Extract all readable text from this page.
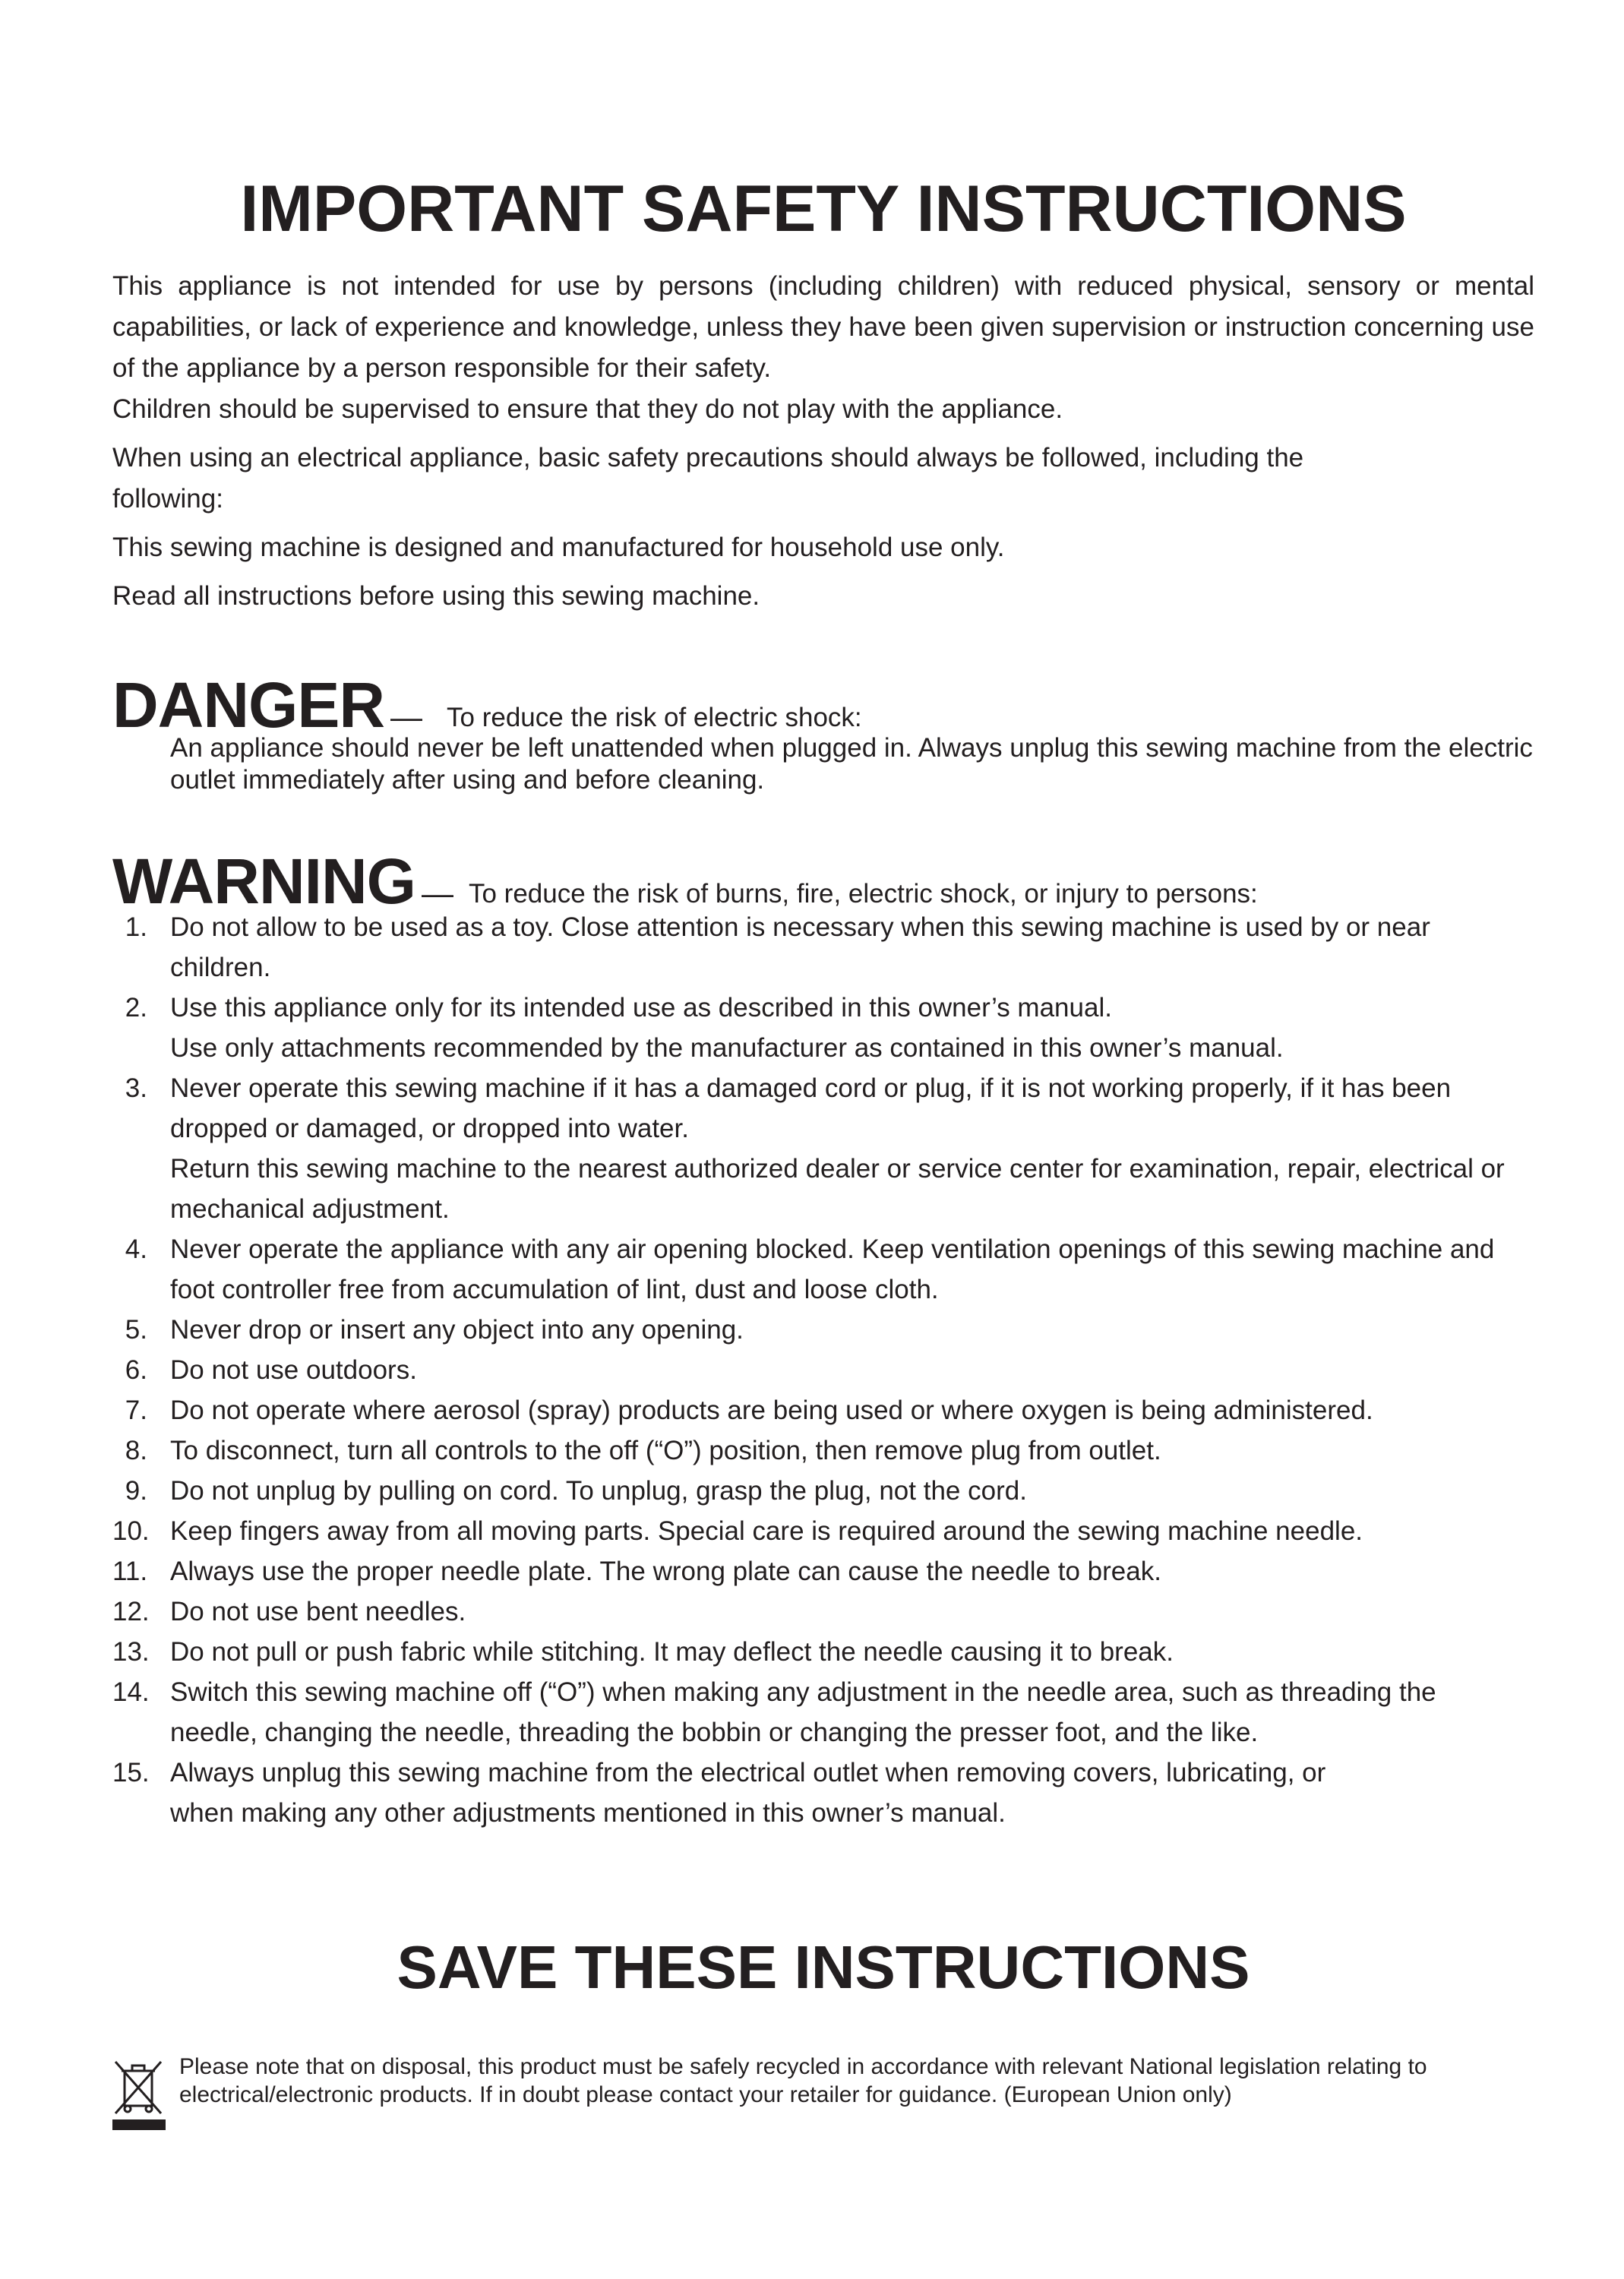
IMPORTANT SAFETY INSTRUCTIONS

This appliance is not intended for use by persons (including children) with reduced physical, sensory or mental capabilities, or lack of experience and knowledge, unless they have been given supervision or instruction concerning use of the appliance by a person responsible for their safety.

Children should be supervised to ensure that they do not play with the appliance.

When using an electrical appliance, basic safety precautions should always be followed, including the following:

This sewing machine is designed and manufactured for household use only.

Read all instructions before using this sewing machine.

DANGER — To reduce the risk of electric shock:

An appliance should never be left unattended when plugged in. Always unplug this sewing machine from the electric outlet immediately after using and before cleaning.

WARNING — To reduce the risk of burns, fire, electric shock, or injury to persons:
1. Do not allow to be used as a toy. Close attention is necessary when this sewing machine is used by or near
children.
2. Use this appliance only for its intended use as described in this owner’s manual.
Use only attachments recommended by the manufacturer as contained in this owner’s manual.
3. Never operate this sewing machine if it has a damaged cord or plug, if it is not working properly, if it has been
dropped or damaged, or dropped into water.
Return this sewing machine to the nearest authorized dealer or service center for examination, repair, electrical or
mechanical adjustment.
4. Never operate the appliance with any air opening blocked. Keep ventilation openings of this sewing machine and
foot controller free from accumulation of lint, dust and loose cloth.
5. Never drop or insert any object into any opening.
6. Do not use outdoors.
7. Do not operate where aerosol (spray) products are being used or where oxygen is being administered.
8. To disconnect, turn all controls to the off (“O”) position, then remove plug from outlet.
9. Do not unplug by pulling on cord. To unplug, grasp the plug, not the cord.
10. Keep fingers away from all moving parts. Special care is required around the sewing machine needle.
11. Always use the proper needle plate. The wrong plate can cause the needle to break.
12. Do not use bent needles.
13. Do not pull or push fabric while stitching. It may deflect the needle causing it to break.
14. Switch this sewing machine off (“O”) when making any adjustment in the needle area, such as threading the
needle, changing the needle, threading the bobbin or changing the presser foot, and the like.
15. Always unplug this sewing machine from the electrical outlet when removing covers, lubricating, or
when making any other adjustments mentioned in this owner’s manual.
SAVE THESE INSTRUCTIONS

Please note that on disposal, this product must be safely recycled in accordance with relevant National legislation relating to
electrical/electronic products. If in doubt please contact your retailer for guidance. (European Union only)
